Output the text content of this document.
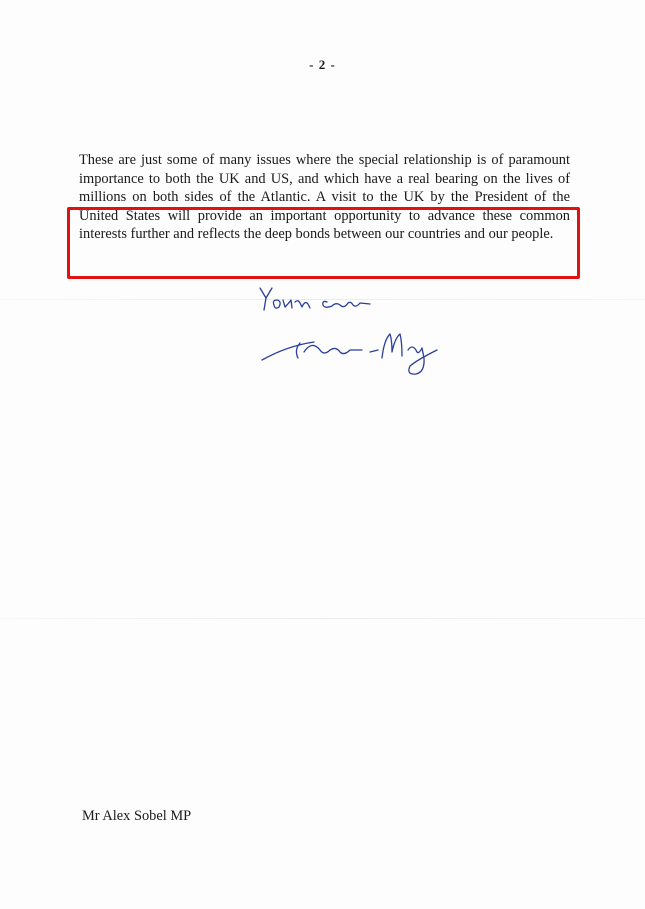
- 2 -

These are just some of many issues where the special relationship is of paramount importance to both the UK and US, and which have a real bearing on the lives of millions on both sides of the Atlantic. A visit to the UK by the President of the United States will provide an important opportunity to advance these common interests further and reflects the deep bonds between our countries and our people.

Mr Alex Sobel MP
